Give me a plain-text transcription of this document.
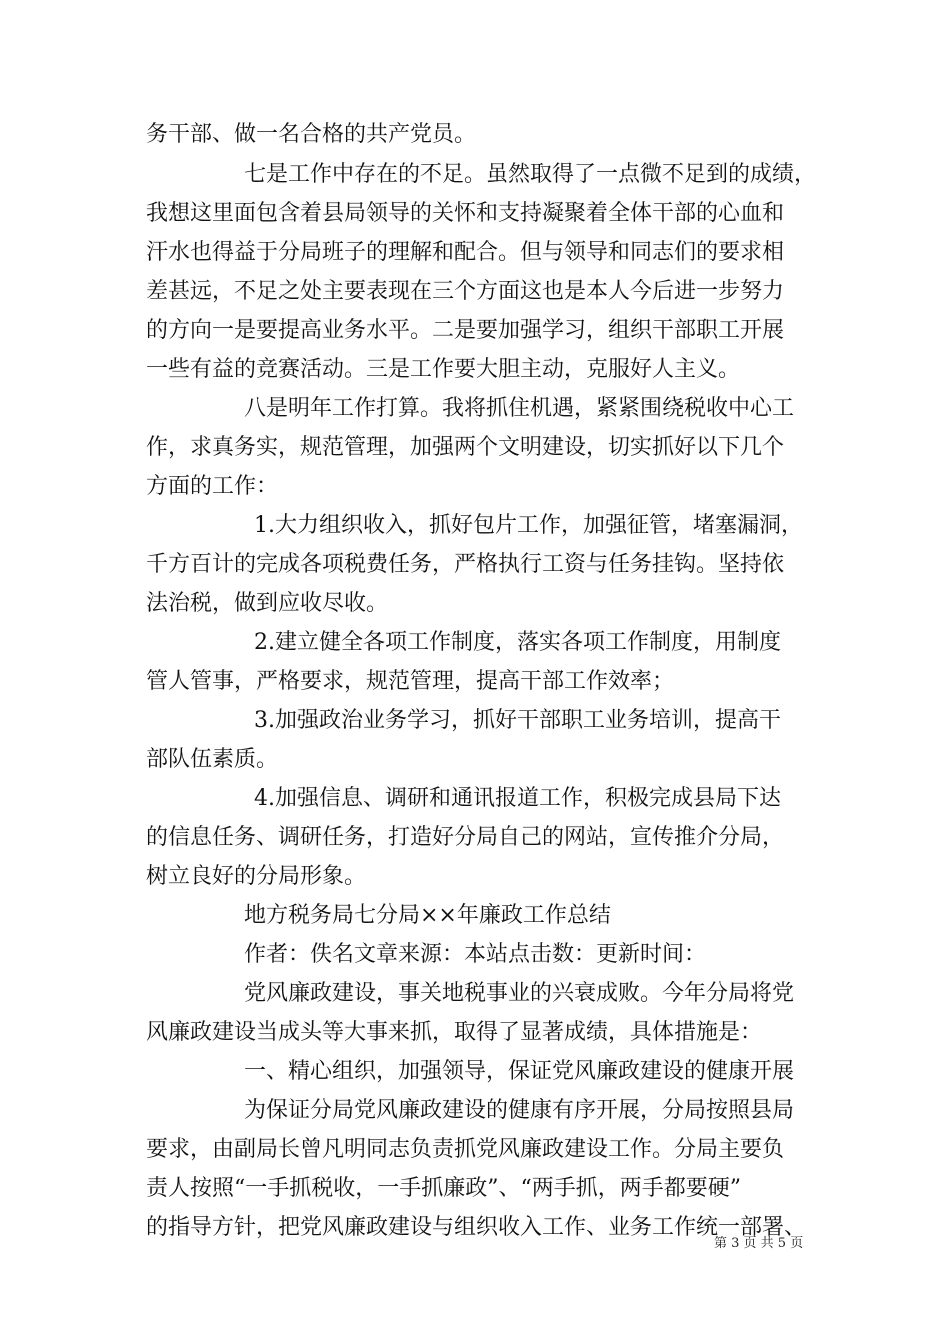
务干部、做一名合格的共产党员。
七是工作中存在的不足。虽然取得了一点微不足到的成绩，
我想这里面包含着县局领导的关怀和支持凝聚着全体干部的心血和
汗水也得益于分局班子的理解和配合。但与领导和同志们的要求相
差甚远，不足之处主要表现在三个方面这也是本人今后进一步努力
的方向一是要提高业务水平。二是要加强学习，组织干部职工开展
一些有益的竞赛活动。三是工作要大胆主动，克服好人主义。
八是明年工作打算。我将抓住机遇，紧紧围绕税收中心工
作，求真务实，规范管理，加强两个文明建设，切实抓好以下几个
方面的工作：
1.大力组织收入，抓好包片工作，加强征管，堵塞漏洞，
千方百计的完成各项税费任务，严格执行工资与任务挂钩。坚持依
法治税，做到应收尽收。
2.建立健全各项工作制度，落实各项工作制度，用制度
管人管事，严格要求，规范管理，提高干部工作效率；
3.加强政治业务学习，抓好干部职工业务培训，提高干
部队伍素质。
4.加强信息、调研和通讯报道工作，积极完成县局下达
的信息任务、调研任务，打造好分局自己的网站，宣传推介分局，
树立良好的分局形象。
地方税务局七分局××年廉政工作总结
作者：佚名文章来源：本站点击数：更新时间：
党风廉政建设，事关地税事业的兴衰成败。今年分局将党
风廉政建设当成头等大事来抓，取得了显著成绩，具体措施是：
一、精心组织，加强领导，保证党风廉政建设的健康开展
为保证分局党风廉政建设的健康有序开展，分局按照县局
要求，由副局长曾凡明同志负责抓党风廉政建设工作。分局主要负
责人按照“一手抓税收，一手抓廉政”、“两手抓，两手都要硬”
的指导方针，把党风廉政建设与组织收入工作、业务工作统一部署、
第 3 页 共 5 页
